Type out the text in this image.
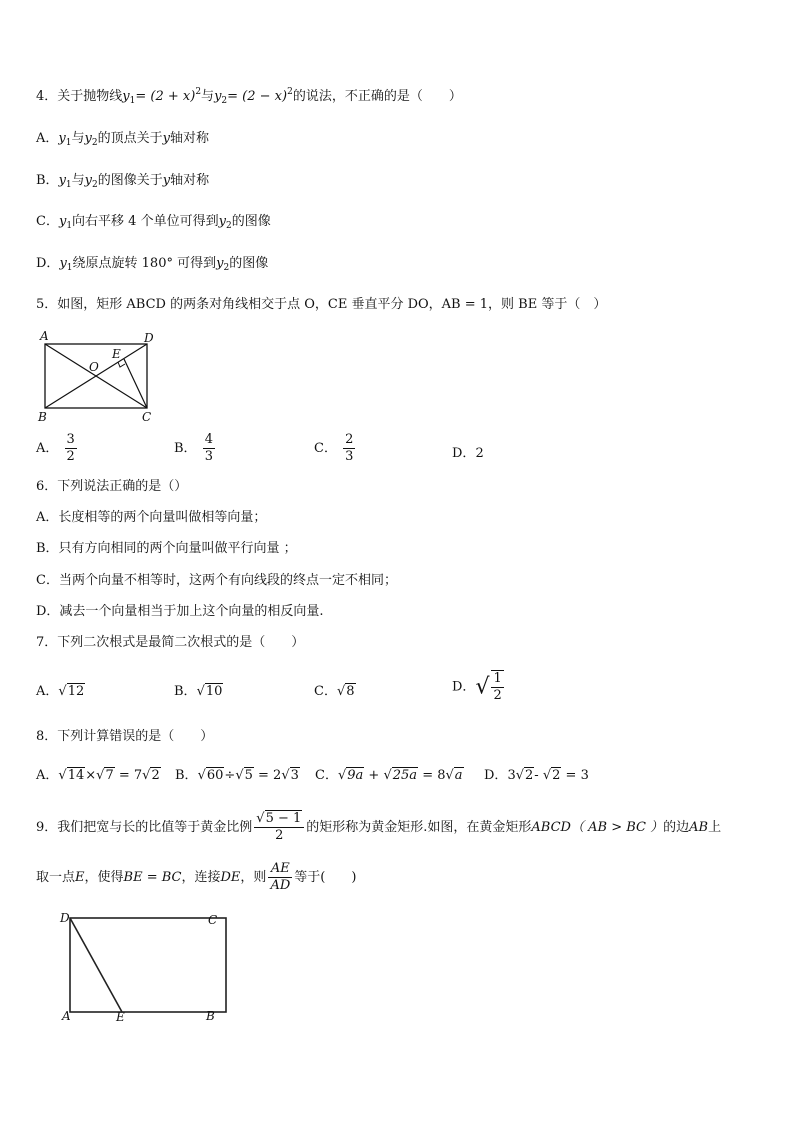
4．关于抛物线$y_1= (2 + x)^2$与$y_2= (2 - x)^2$的说法，不正确的是（　　）
A．$y_1$与$y_2$的顶点关于y轴对称
B．$y_1$与$y_2$的图像关于y轴对称
C．$y_1$向右平移 4 个单位可得到$y_2$的图像
D．$y_1$绕原点旋转 180° 可得到$y_2$的图像
5．如图，矩形 ABCD 的两条对角线相交于点 O，CE 垂直平分 DO，AB = 1，则 BE 等于（　）
A	D
B	C
O
E
A． $\frac{3}{2}$	B． $\frac{4}{3}$	C． $\frac{2}{3}$	D．2
6．下列说法正确的是（）
A．长度相等的两个向量叫做相等向量；
B．只有方向相同的两个向量叫做平行向量 ；
C．当两个向量不相等时，这两个有向线段的终点一定不相同；
D．减去一个向量相当于加上这个向量的相反向量.
7．下列二次根式是最简二次根式的是（　　）
A．√12	B．√10	C．√8	D．√ $\frac{1}{2}$
8．下列计算错误的是（　　）
A．√14×√7 = 7√2 B．√60÷√5 = 2√3 C．√9a + √25a = 8√a D．3√2- √2 = 3
9．我们把宽与长的比值等于黄金比例 $\frac{√5 - 1}{2}$ 的矩形称为黄金矩形.如图，在黄金矩形ABCD（ AB > BC ）的边AB上
取一点E，使得BE = BC，连接DE，则 $\frac{AE}{AD}$ 等于(　　)
D	C
A	E	B
